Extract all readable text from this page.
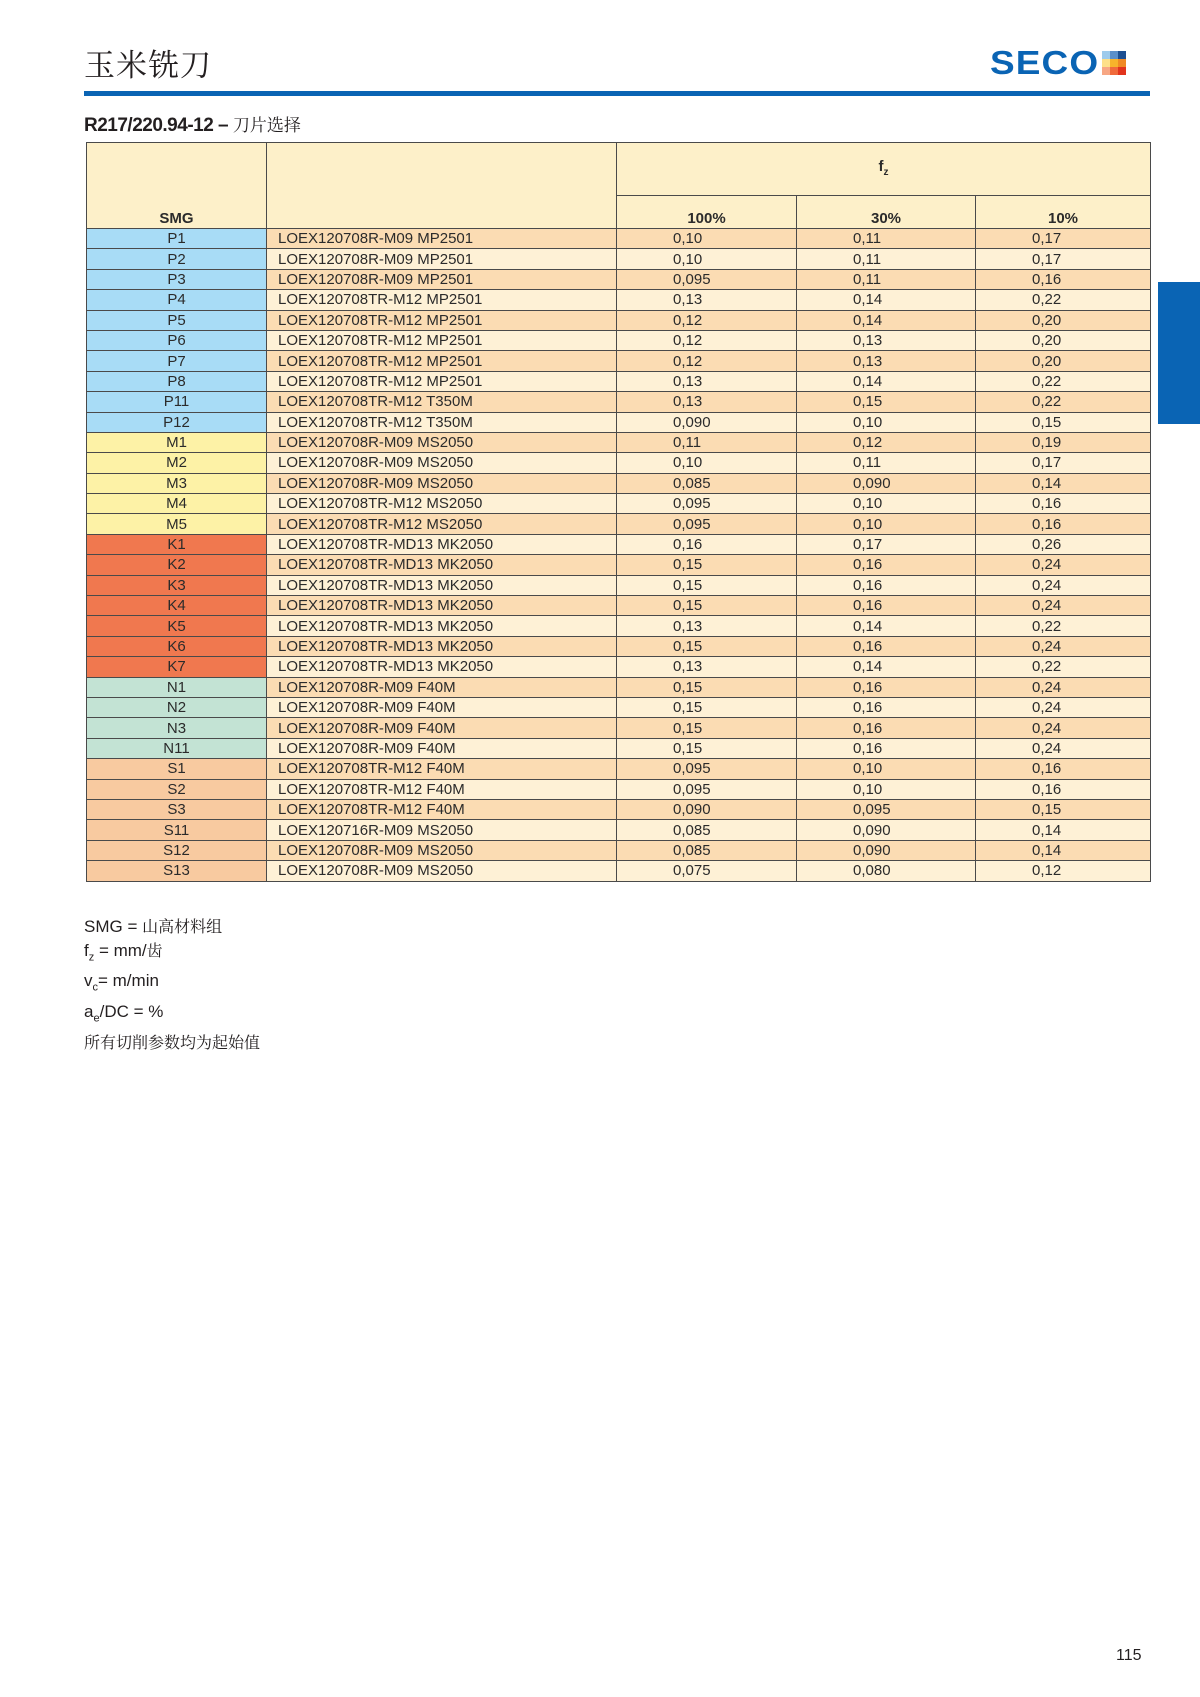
玉米铣刀	SECO
R217/220.94-12 – 刀片选择
SMG		$f_z$
		100%	30%	10%
P1	LOEX120708R-M09 MP2501	0,10	0,11	0,17
P2	LOEX120708R-M09 MP2501	0,10	0,11	0,17
P3	LOEX120708R-M09 MP2501	0,095	0,11	0,16
P4	LOEX120708TR-M12 MP2501	0,13	0,14	0,22
P5	LOEX120708TR-M12 MP2501	0,12	0,14	0,20
P6	LOEX120708TR-M12 MP2501	0,12	0,13	0,20
P7	LOEX120708TR-M12 MP2501	0,12	0,13	0,20
P8	LOEX120708TR-M12 MP2501	0,13	0,14	0,22
P11	LOEX120708TR-M12 T350M	0,13	0,15	0,22
P12	LOEX120708TR-M12 T350M	0,090	0,10	0,15
M1	LOEX120708R-M09 MS2050	0,11	0,12	0,19
M2	LOEX120708R-M09 MS2050	0,10	0,11	0,17
M3	LOEX120708R-M09 MS2050	0,085	0,090	0,14
M4	LOEX120708TR-M12 MS2050	0,095	0,10	0,16
M5	LOEX120708TR-M12 MS2050	0,095	0,10	0,16
K1	LOEX120708TR-MD13 MK2050	0,16	0,17	0,26
K2	LOEX120708TR-MD13 MK2050	0,15	0,16	0,24
K3	LOEX120708TR-MD13 MK2050	0,15	0,16	0,24
K4	LOEX120708TR-MD13 MK2050	0,15	0,16	0,24
K5	LOEX120708TR-MD13 MK2050	0,13	0,14	0,22
K6	LOEX120708TR-MD13 MK2050	0,15	0,16	0,24
K7	LOEX120708TR-MD13 MK2050	0,13	0,14	0,22
N1	LOEX120708R-M09 F40M	0,15	0,16	0,24
N2	LOEX120708R-M09 F40M	0,15	0,16	0,24
N3	LOEX120708R-M09 F40M	0,15	0,16	0,24
N11	LOEX120708R-M09 F40M	0,15	0,16	0,24
S1	LOEX120708TR-M12 F40M	0,095	0,10	0,16
S2	LOEX120708TR-M12 F40M	0,095	0,10	0,16
S3	LOEX120708TR-M12 F40M	0,090	0,095	0,15
S11	LOEX120716R-M09 MS2050	0,085	0,090	0,14
S12	LOEX120708R-M09 MS2050	0,085	0,090	0,14
S13	LOEX120708R-M09 MS2050	0,075	0,080	0,12
SMG = 山高材料组
$f_z = mm/$齿
$v_c= m/\min$
$a_e/DC$ = %
所有切削参数均为起始值
115
